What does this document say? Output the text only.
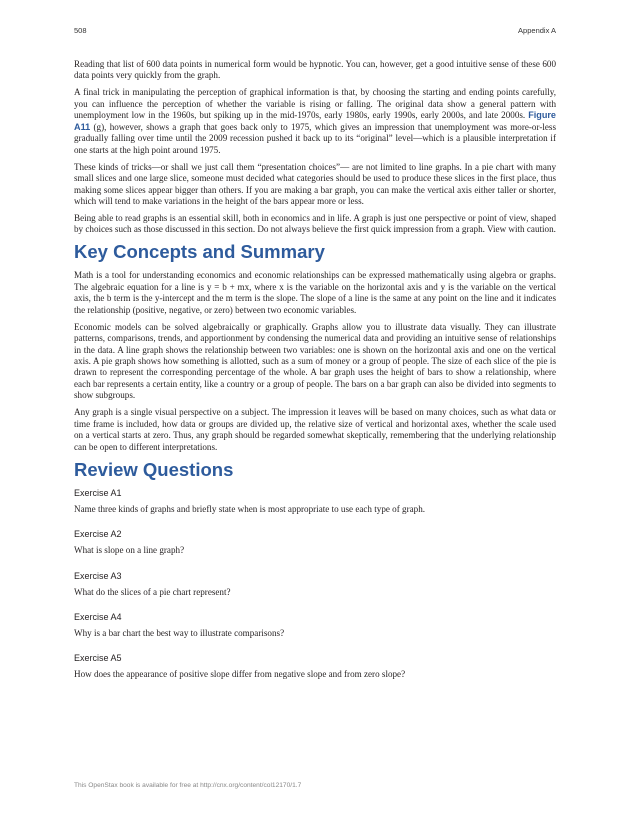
508	Appendix A

Reading that list of 600 data points in numerical form would be hypnotic. You can, however, get a good intuitive sense of these 600 data points very quickly from the graph.

A final trick in manipulating the perception of graphical information is that, by choosing the starting and ending points carefully, you can influence the perception of whether the variable is rising or falling. The original data show a general pattern with unemployment low in the 1960s, but spiking up in the mid-1970s, early 1980s, early 1990s, early 2000s, and late 2000s. Figure A11 (g), however, shows a graph that goes back only to 1975, which gives an impression that unemployment was more-or-less gradually falling over time until the 2009 recession pushed it back up to its “original” level—which is a plausible interpretation if one starts at the high point around 1975.

These kinds of tricks—or shall we just call them “presentation choices”— are not limited to line graphs. In a pie chart with many small slices and one large slice, someone must decided what categories should be used to produce these slices in the first place, thus making some slices appear bigger than others. If you are making a bar graph, you can make the vertical axis either taller or shorter, which will tend to make variations in the height of the bars appear more or less.

Being able to read graphs is an essential skill, both in economics and in life. A graph is just one perspective or point of view, shaped by choices such as those discussed in this section. Do not always believe the first quick impression from a graph. View with caution.

Key Concepts and Summary

Math is a tool for understanding economics and economic relationships can be expressed mathematically using algebra or graphs. The algebraic equation for a line is y = b + mx, where x is the variable on the horizontal axis and y is the variable on the vertical axis, the b term is the y-intercept and the m term is the slope. The slope of a line is the same at any point on the line and it indicates the relationship (positive, negative, or zero) between two economic variables.

Economic models can be solved algebraically or graphically. Graphs allow you to illustrate data visually. They can illustrate patterns, comparisons, trends, and apportionment by condensing the numerical data and providing an intuitive sense of relationships in the data. A line graph shows the relationship between two variables: one is shown on the horizontal axis and one on the vertical axis. A pie graph shows how something is allotted, such as a sum of money or a group of people. The size of each slice of the pie is drawn to represent the corresponding percentage of the whole. A bar graph uses the height of bars to show a relationship, where each bar represents a certain entity, like a country or a group of people. The bars on a bar graph can also be divided into segments to show subgroups.

Any graph is a single visual perspective on a subject. The impression it leaves will be based on many choices, such as what data or time frame is included, how data or groups are divided up, the relative size of vertical and horizontal axes, whether the scale used on a vertical starts at zero. Thus, any graph should be regarded somewhat skeptically, remembering that the underlying relationship can be open to different interpretations.

Review Questions
Exercise A1

Name three kinds of graphs and briefly state when is most appropriate to use each type of graph.

Exercise A2

What is slope on a line graph?

Exercise A3

What do the slices of a pie chart represent?

Exercise A4

Why is a bar chart the best way to illustrate comparisons?

Exercise A5

How does the appearance of positive slope differ from negative slope and from zero slope?

This OpenStax book is available for free at http://cnx.org/content/col12170/1.7
